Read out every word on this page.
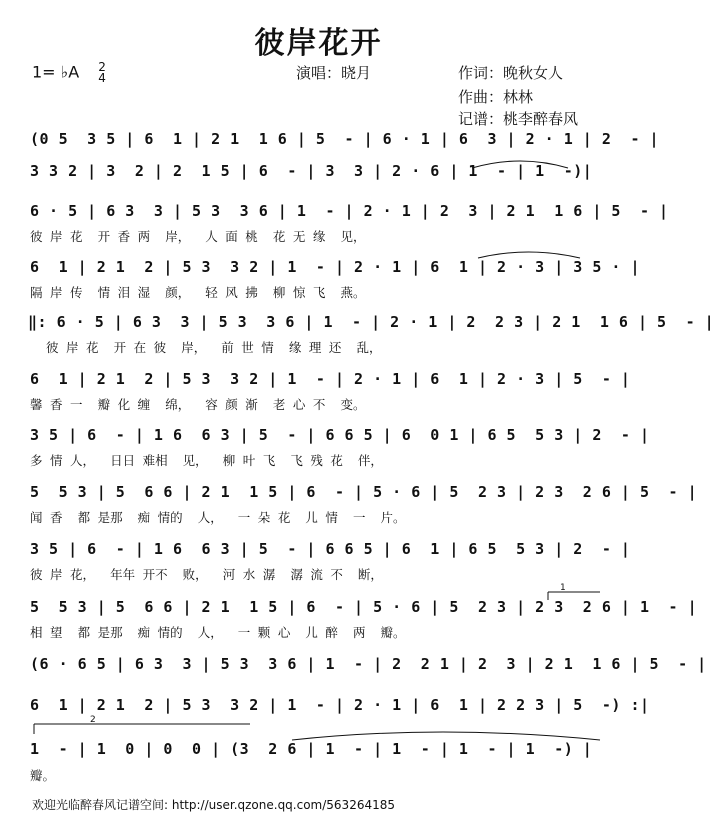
彼岸花开
1= ♭A 2
4	演唱：晓月	作词：晚秋女人
作曲：林林
记谱：桃李醉春风
(0 5  3 5 | 6  1 | 2 1  1 6 | 5  - | 6 · 1 | 6  3 | 2 · 1 | 2  - |
3 3 2 | 3  2 | 2  1 5 | 6  - | 3  3 | 2 · 6 | 1  - | 1  -)|
6 · 5 | 6 3  3 | 5 3  3 6 | 1  - | 2 · 1 | 2  3 | 2 1  1 6 | 5  - |
彼 岸 花  开 香 两  岸，  人 面 桃  花 无 缘  见，
6  1 | 2 1  2 | 5 3  3 2 | 1  - | 2 · 1 | 6  1 | 2 · 3 | 3 5 · |
隔 岸 传  情 泪 湿  颜，  轻 风 拂  柳 惊 飞  燕。
‖: 6 · 5 | 6 3  3 | 5 3  3 6 | 1  - | 2 · 1 | 2  2 3 | 2 1  1 6 | 5  - |
彼 岸 花  开 在 彼  岸，  前 世 情  缘 理 还  乱，
6  1 | 2 1  2 | 5 3  3 2 | 1  - | 2 · 1 | 6  1 | 2 · 3 | 5  - |
馨 香 一  瓣 化 缠  绵，  容 颜 渐  老 心 不  变。
3 5 | 6  - | 1 6  6 3 | 5  - | 6 6 5 | 6  0 1 | 6 5  5 3 | 2  - |
多 情 人，  日日 难相  见，  柳 叶 飞  飞 残 花  伴，
5  5 3 | 5  6 6 | 2 1  1 5 | 6  - | 5 · 6 | 5  2 3 | 2 3  2 6 | 5  - |
闻 香  都 是那  痴 情的  人，  一 朵 花  儿 情  一  片。
3 5 | 6  - | 1 6  6 3 | 5  - | 6 6 5 | 6  1 | 6 5  5 3 | 2  - |
彼 岸 花，  年年 开不  败，  河 水 潺  潺 流 不  断，
5  5 3 | 5  6 6 | 2 1  1 5 | 6  - | 5 · 6 | 5  2 3 | 2 3  2 6 | 1  - |
相 望  都 是那  痴 情的  人，  一 颗 心  儿 醉  两  瓣。
(6 · 6 5 | 6 3  3 | 5 3  3 6 | 1  - | 2  2 1 | 2  3 | 2 1  1 6 | 5  - |
6  1 | 2 1  2 | 5 3  3 2 | 1  - | 2 · 1 | 6  1 | 2 2 3 | 5  -) :|
1  - | 1  0 | 0  0 | (3  2 6 | 1  - | 1  - | 1  - | 1  -) |
瓣。
1
2
欢迎光临醉春风记谱空间: http://user.qzone.qq.com/563264185
